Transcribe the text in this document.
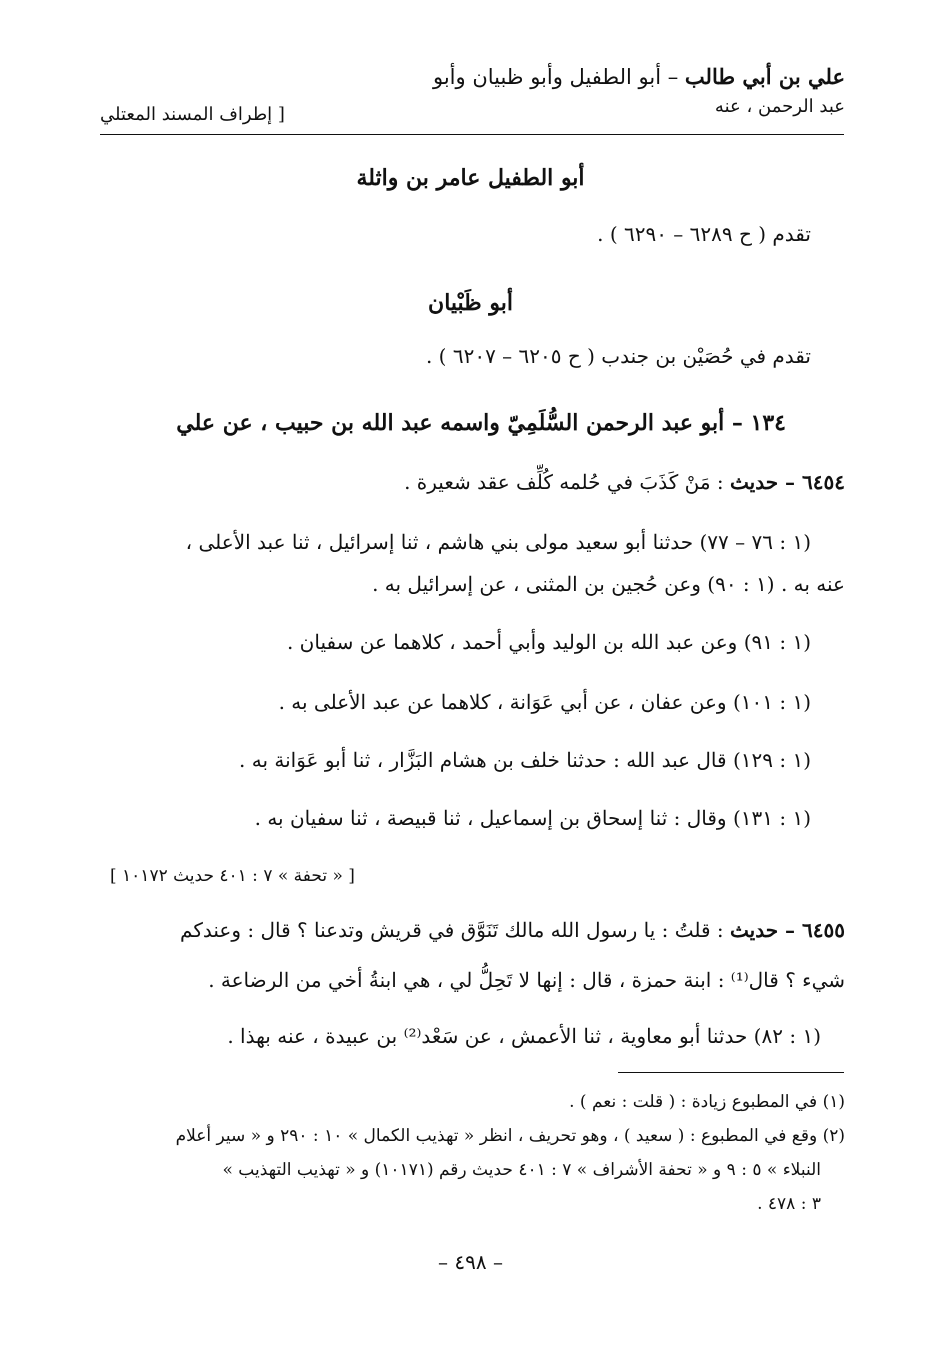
علي بن أبي طالب – أبو الطفيل وأبو ظبيان وأبو
عبد الرحمن ، عنه
[ إطراف المسند المعتلي
أبو الطفيل عامر بن واثلة
تقدم ( ح ٦٢٨٩ – ٦٢٩٠ ) .
أبو ظَبْيان
تقدم في حُصَيْن بن جندب ( ح ٦٢٠٥ – ٦٢٠٧ ) .
١٣٤ – أبو عبد الرحمن السُّلَمِيّ واسمه عبد الله بن حبيب ، عن علي
٦٤٥٤ – حديث : مَنْ كَذَبَ في حُلمه كُلِّف عقد شعيرة .
(١ : ٧٦ – ٧٧) حدثنا أبو سعيد مولى بني هاشم ، ثنا إسرائيل ، ثنا عبد الأعلى ،
عنه به . (١ : ٩٠) وعن حُجين بن المثنى ، عن إسرائيل به .
(١ : ٩١) وعن عبد الله بن الوليد وأبي أحمد ، كلاهما عن سفيان .
(١ : ١٠١) وعن عفان ، عن أبي عَوَانة ، كلاهما عن عبد الأعلى به .
(١ : ١٢٩) قال عبد الله : حدثنا خلف بن هشام البَزَّار ، ثنا أبو عَوَانة به .
(١ : ١٣١) وقال : ثنا إسحاق بن إسماعيل ، ثنا قبيصة ، ثنا سفيان به .
[ « تحفة » ٧ : ٤٠١ حديث ١٠١٧٢ ]
٦٤٥٥ – حديث : قلتُ : يا رسول الله مالك تَنَوَّق في قريش وتدعنا ؟ قال : وعندكم
شيء ؟ قال⁽¹⁾ : ابنة حمزة ، قال : إنها لا تَحِلُّ لي ، هي ابنةُ أخي من الرضاعة .
(١ : ٨٢) حدثنا أبو معاوية ، ثنا الأعمش ، عن سَعْد⁽²⁾ بن عبيدة ، عنه بهذا .
(١) في المطبوع زيادة : ( قلت : نعم ) .
(٢) وقع في المطبوع : ( سعيد ) ، وهو تحريف ، انظر « تهذيب الكمال » ١٠ : ٢٩٠ و « سير أعلام
النبلاء » ٥ : ٩ و « تحفة الأشراف » ٧ : ٤٠١ حديث رقم (١٠١٧١) و « تهذيب التهذيب »
٣ : ٤٧٨ .
– ٤٩٨ –
